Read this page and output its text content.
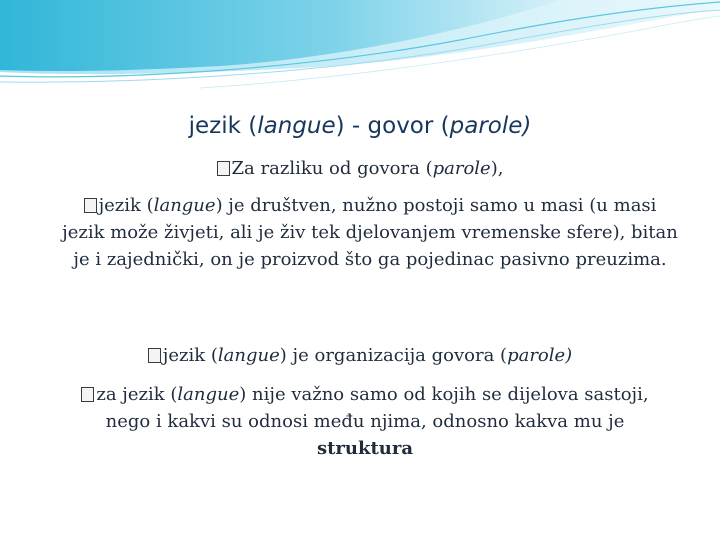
jezik (langue) - govor (parole)
Za razliku od govora (parole),
jezik (langue) je društven, nužno postoji samo u masi (u masi jezik može živjeti, ali je živ tek djelovanjem vremenske sfere), bitan je i zajednički, on je proizvod što ga pojedinac pasivno preuzima.
jezik (langue) je organizacija govora (parole)
za jezik (langue) nije važno samo od kojih se dijelova sastoji, nego i kakvi su odnosi među njima, odnosno kakva mu je struktura
